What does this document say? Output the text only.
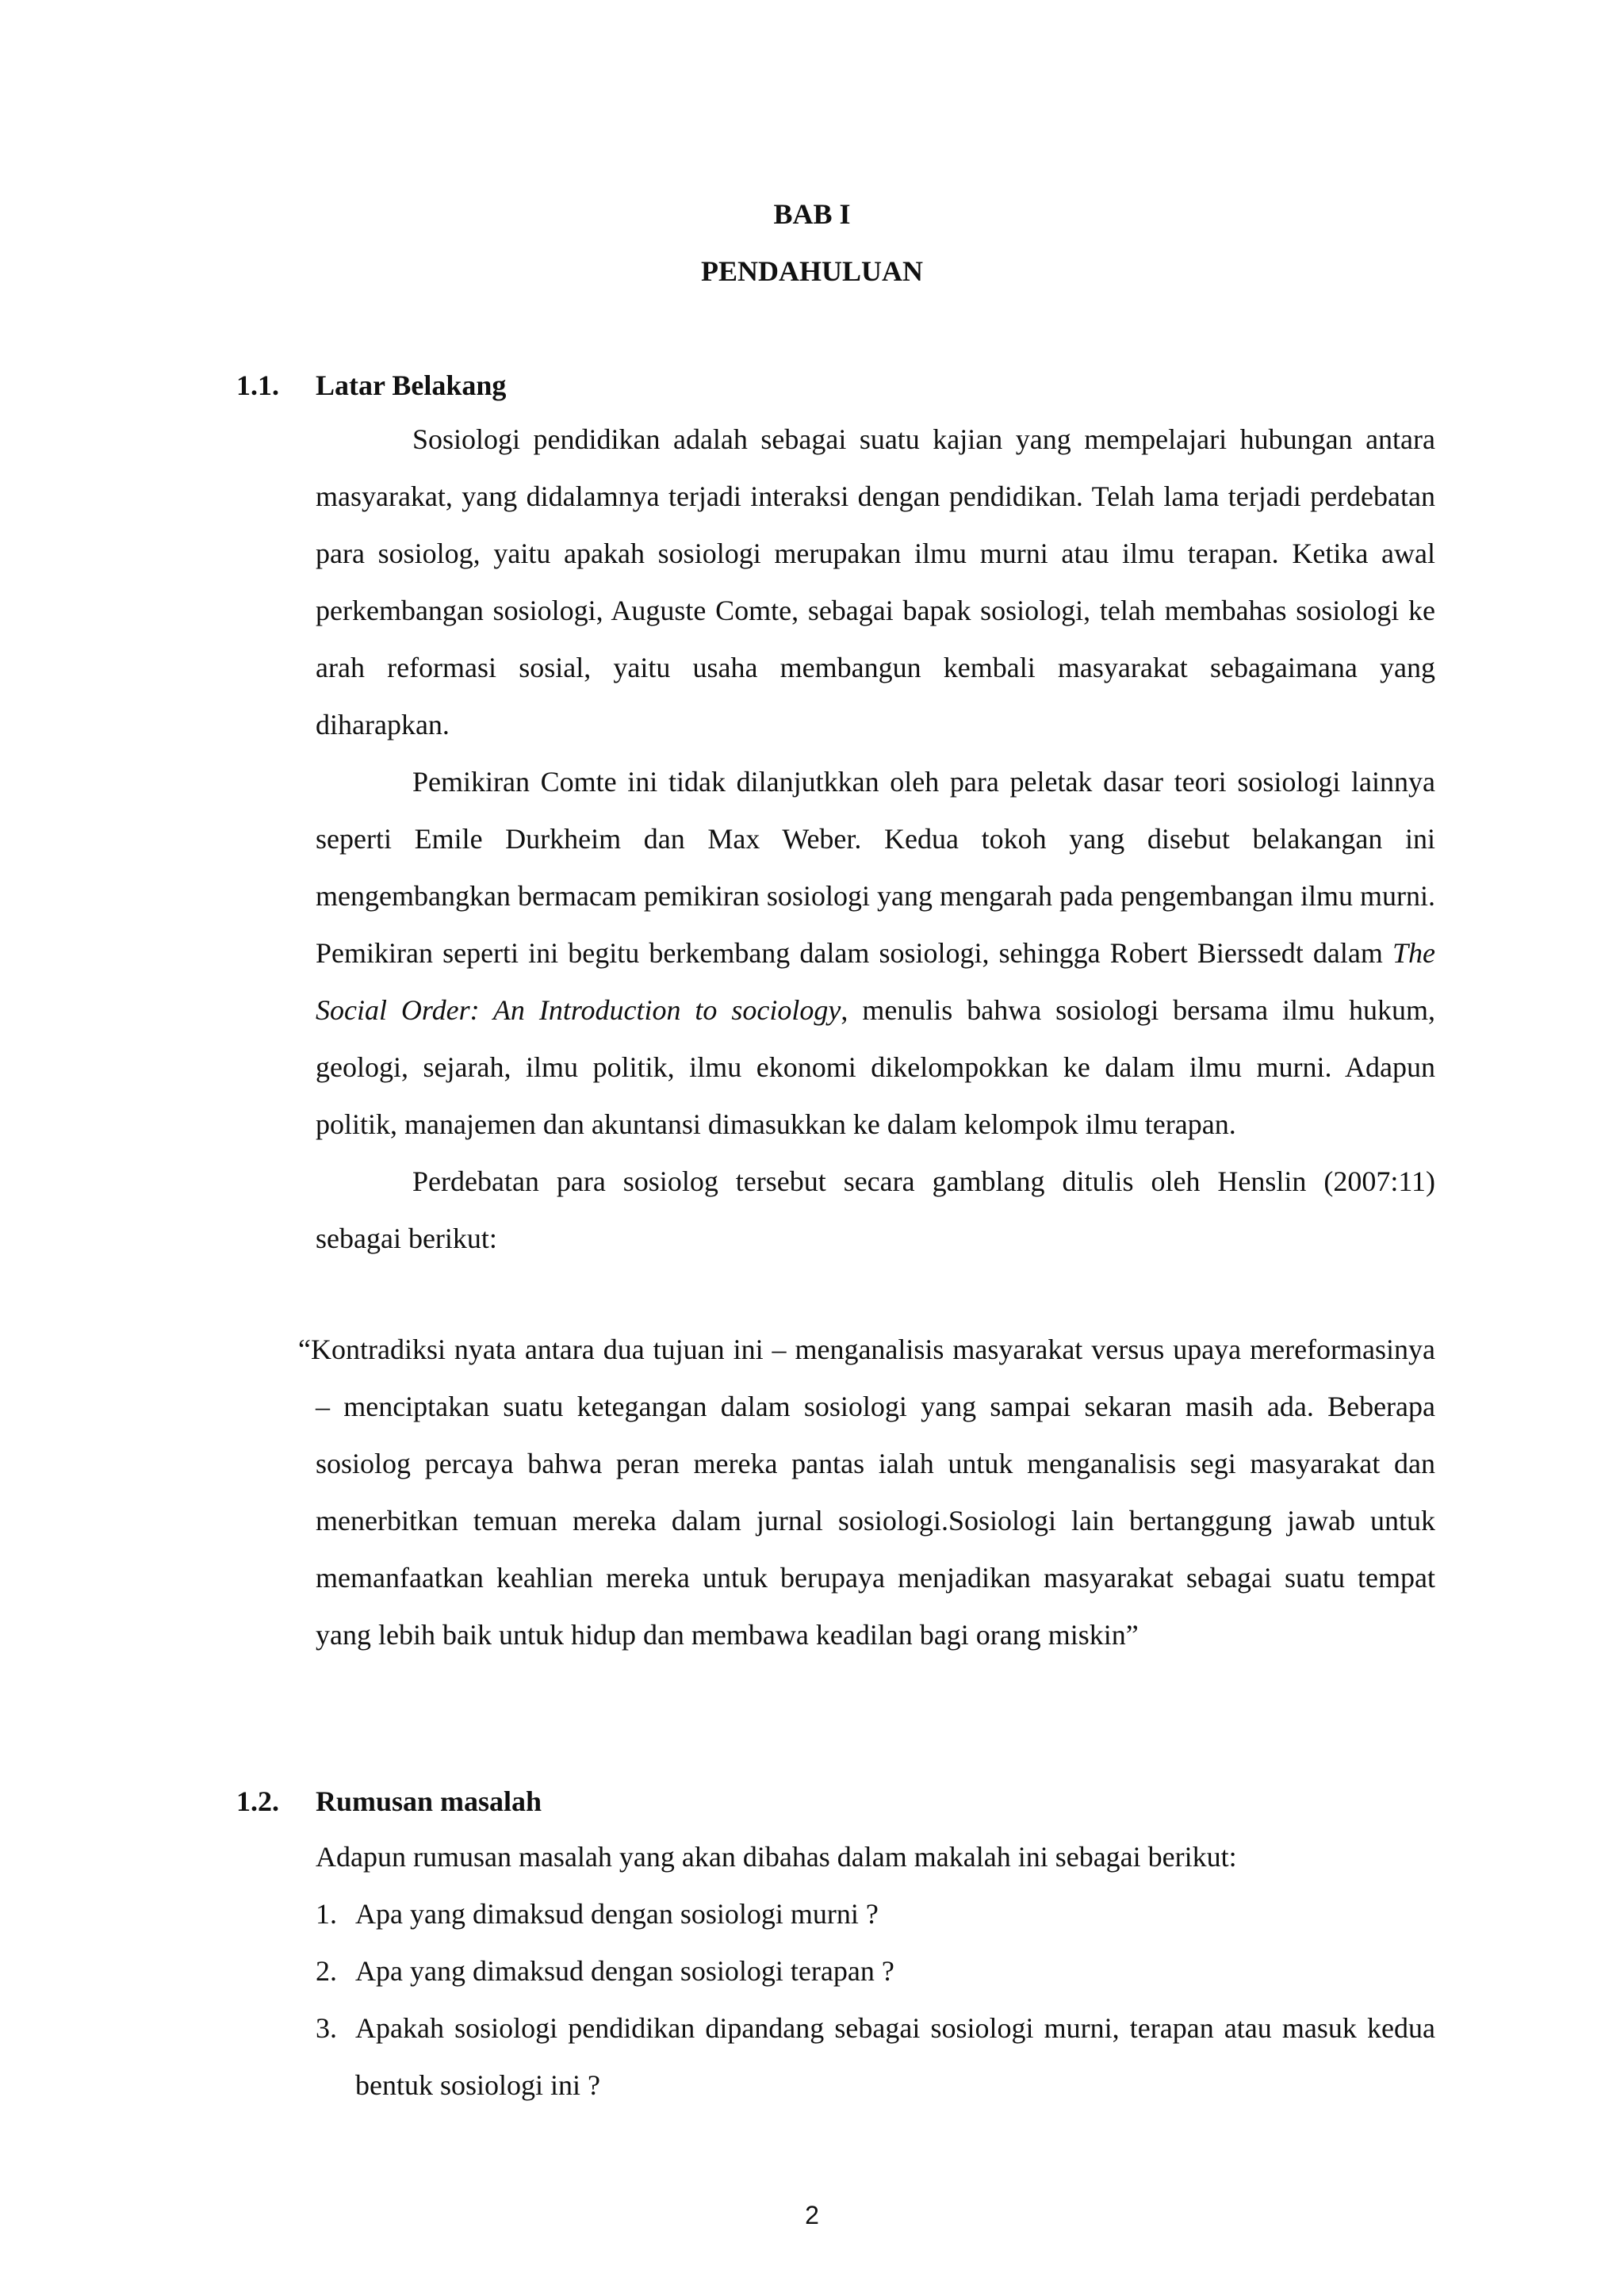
BAB I
PENDAHULUAN
1.1. Latar Belakang

Sosiologi pendidikan adalah sebagai suatu kajian yang mempelajari hubungan antara masyarakat, yang didalamnya terjadi interaksi dengan pendidikan. Telah lama terjadi perdebatan para sosiolog, yaitu apakah sosiologi merupakan ilmu murni atau ilmu terapan. Ketika awal perkembangan sosiologi, Auguste Comte, sebagai bapak sosiologi, telah membahas sosiologi ke arah reformasi sosial, yaitu usaha membangun kembali masyarakat sebagaimana yang diharapkan.

Pemikiran Comte ini tidak dilanjutkkan oleh para peletak dasar teori sosiologi lainnya seperti Emile Durkheim dan Max Weber. Kedua tokoh yang disebut belakangan ini mengembangkan bermacam pemikiran sosiologi yang mengarah pada pengembangan ilmu murni. Pemikiran seperti ini begitu berkembang dalam sosiologi, sehingga Robert Bierssedt dalam The Social Order: An Introduction to sociology, menulis bahwa sosiologi bersama ilmu hukum, geologi, sejarah, ilmu politik, ilmu ekonomi dikelompokkan ke dalam ilmu murni. Adapun politik, manajemen dan akuntansi dimasukkan ke dalam kelompok ilmu terapan.

Perdebatan para sosiolog tersebut secara gamblang ditulis oleh Henslin (2007:11) sebagai berikut:

“Kontradiksi nyata antara dua tujuan ini – menganalisis masyarakat versus upaya mereformasinya – menciptakan suatu ketegangan dalam sosiologi yang sampai sekaran masih ada. Beberapa sosiolog percaya bahwa peran mereka pantas ialah untuk menganalisis segi masyarakat dan menerbitkan temuan mereka dalam jurnal sosiologi.Sosiologi lain bertanggung jawab untuk memanfaatkan keahlian mereka untuk berupaya menjadikan masyarakat sebagai suatu tempat yang lebih baik untuk hidup dan membawa keadilan bagi orang miskin”

1.2. Rumusan masalah

Adapun rumusan masalah yang akan dibahas dalam makalah ini sebagai berikut:

1. Apa yang dimaksud dengan sosiologi murni ?
2. Apa yang dimaksud dengan sosiologi terapan ?
3. Apakah sosiologi pendidikan dipandang sebagai sosiologi murni, terapan atau masuk kedua bentuk sosiologi ini ?
2
